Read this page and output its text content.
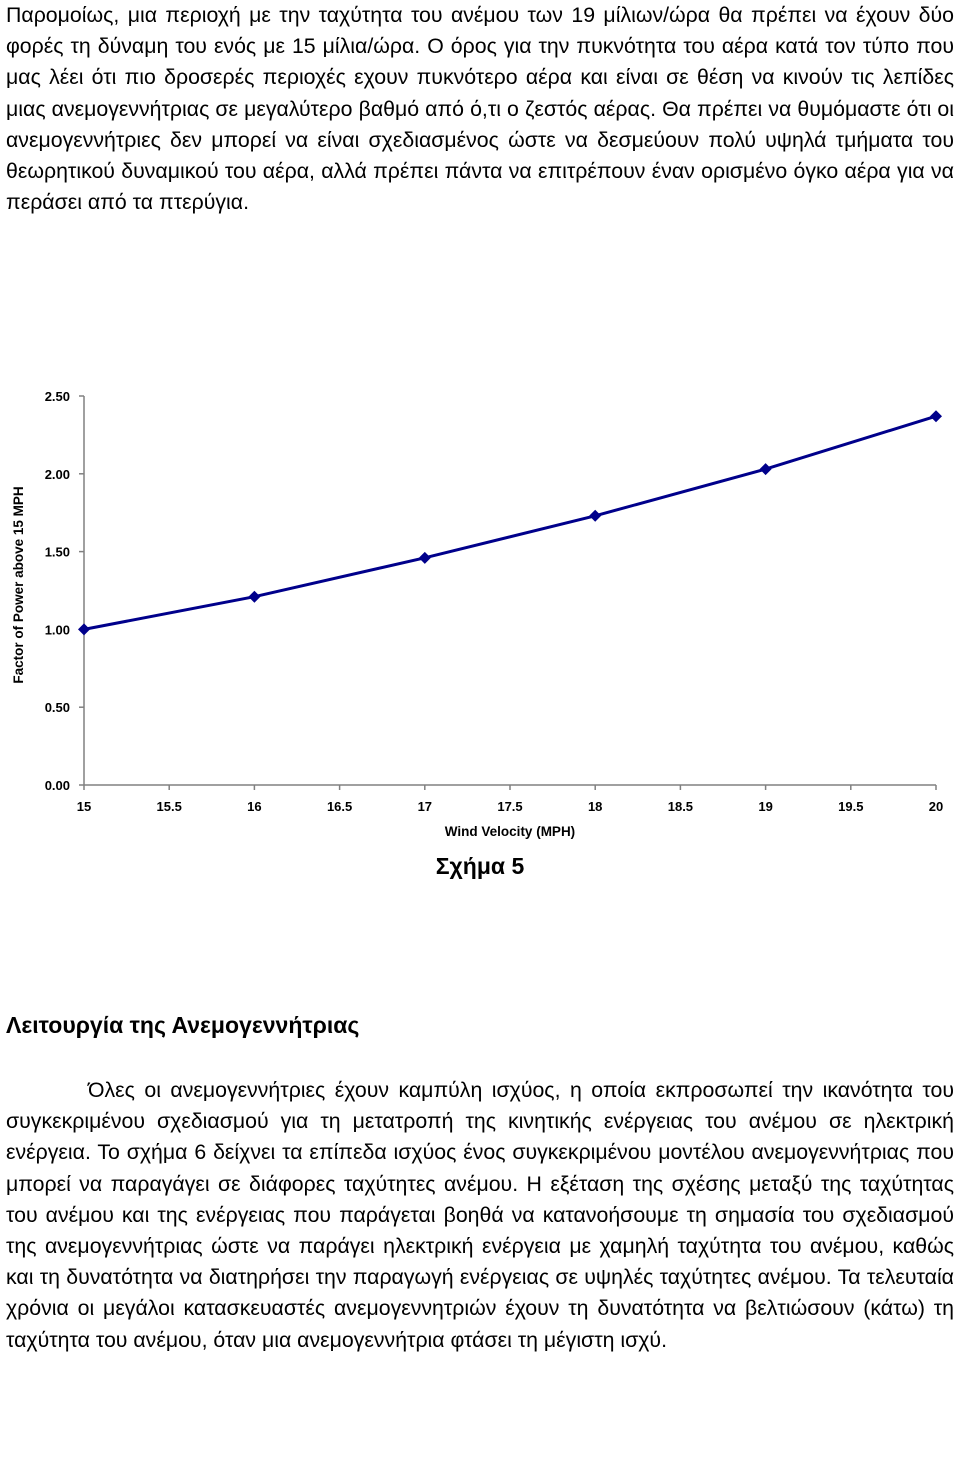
Παρομοίως, μια περιοχή με την ταχύτητα του ανέμου των 19 μίλιων/ώρα θα πρέπει να έχουν δύο φορές τη δύναμη του ενός με 15 μίλια/ώρα. Ο όρος για την πυκνότητα του αέρα κατά τον τύπο που μας λέει ότι πιο δροσερές περιοχές εχουν πυκνότερο αέρα και είναι σε θέση να κινούν τις λεπίδες μιας ανεμογεννήτριας σε μεγαλύτερο βαθμό από ό,τι ο ζεστός αέρας. Θα πρέπει να θυμόμαστε ότι οι ανεμογεννήτριες δεν μπορεί να είναι σχεδιασμένος ώστε να δεσμεύουν πολύ υψηλά τμήματα του θεωρητικού δυναμικού του αέρα, αλλά πρέπει πάντα να επιτρέπουν έναν ορισμένο όγκο αέρα για να περάσει από τα πτερύγια.

0.00
0.50
1.00
1.50
2.00
2.50
15	15.5	16	16.5	17	17.5	18	18.5	19	19.5	20
Wind Velocity (MPH)
Factor of Power above 15 MPH

Σχήμα 5

Λειτουργία της Ανεμογεννήτριας

Όλες οι ανεμογεννήτριες έχουν καμπύλη ισχύος, η οποία εκπροσωπεί την ικανότητα του συγκεκριμένου σχεδιασμού για τη μετατροπή της κινητικής ενέργειας του ανέμου σε ηλεκτρική ενέργεια. Το σχήμα 6 δείχνει τα επίπεδα ισχύος ένος συγκεκριμένου μοντέλου ανεμογεννήτριας που μπορεί να παραγάγει σε διάφορες ταχύτητες ανέμου. Η εξέταση της σχέσης μεταξύ της ταχύτητας του ανέμου και της ενέργειας που παράγεται βοηθά να κατανοήσουμε τη σημασία του σχεδιασμού της ανεμογεννήτριας ώστε να παράγει ηλεκτρική ενέργεια με χαμηλή ταχύτητα του ανέμου, καθώς και τη δυνατότητα να διατηρήσει την παραγωγή ενέργειας σε υψηλές ταχύτητες ανέμου. Τα τελευταία χρόνια οι μεγάλοι κατασκευαστές ανεμογεννητριών έχουν τη δυνατότητα να βελτιώσουν (κάτω) τη ταχύτητα του ανέμου, όταν μια ανεμογεννήτρια φτάσει τη μέγιστη ισχύ.
